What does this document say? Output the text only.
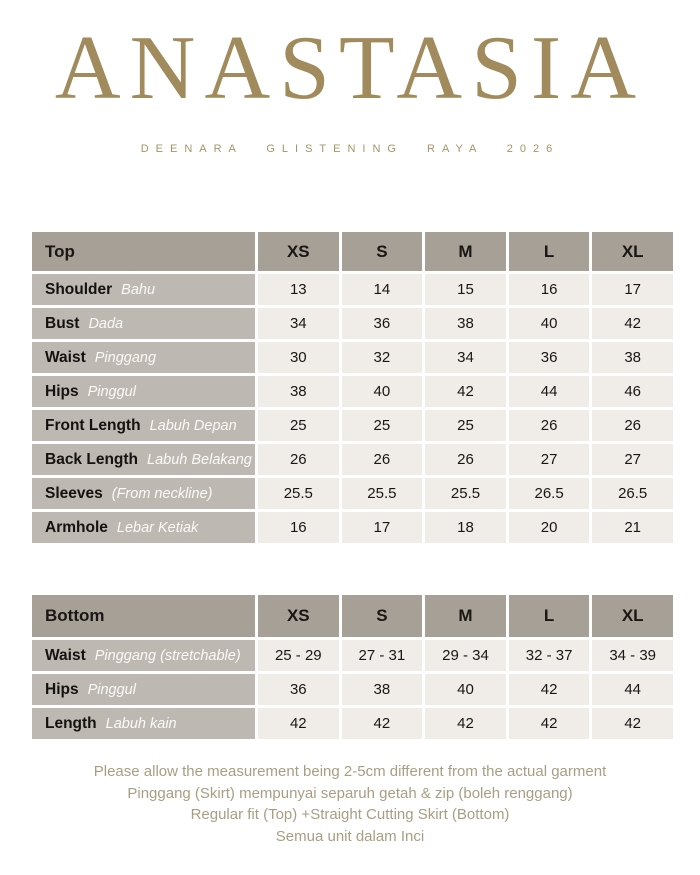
ANASTASIA
DEENARA GLISTENING RAYA 2026
Top	XS	S	M	L	XL
Shoulder Bahu	13	14	15	16	17
Bust Dada	34	36	38	40	42
Waist Pinggang	30	32	34	36	38
Hips Pinggul	38	40	42	44	46
Front Length Labuh Depan	25	25	25	26	26
Back Length Labuh Belakang	26	26	26	27	27
Sleeves (From neckline)	25.5	25.5	25.5	26.5	26.5
Armhole Lebar Ketiak	16	17	18	20	21
Bottom	XS	S	M	L	XL
Waist Pinggang (stretchable)	25 - 29	27 - 31	29 - 34	32 - 37	34 - 39
Hips Pinggul	36	38	40	42	44
Length Labuh kain	42	42	42	42	42
Please allow the measurement being 2-5cm different from the actual garment
Pinggang (Skirt) mempunyai separuh getah & zip (boleh renggang)
Regular fit (Top) +Straight Cutting Skirt (Bottom)
Semua unit dalam Inci
